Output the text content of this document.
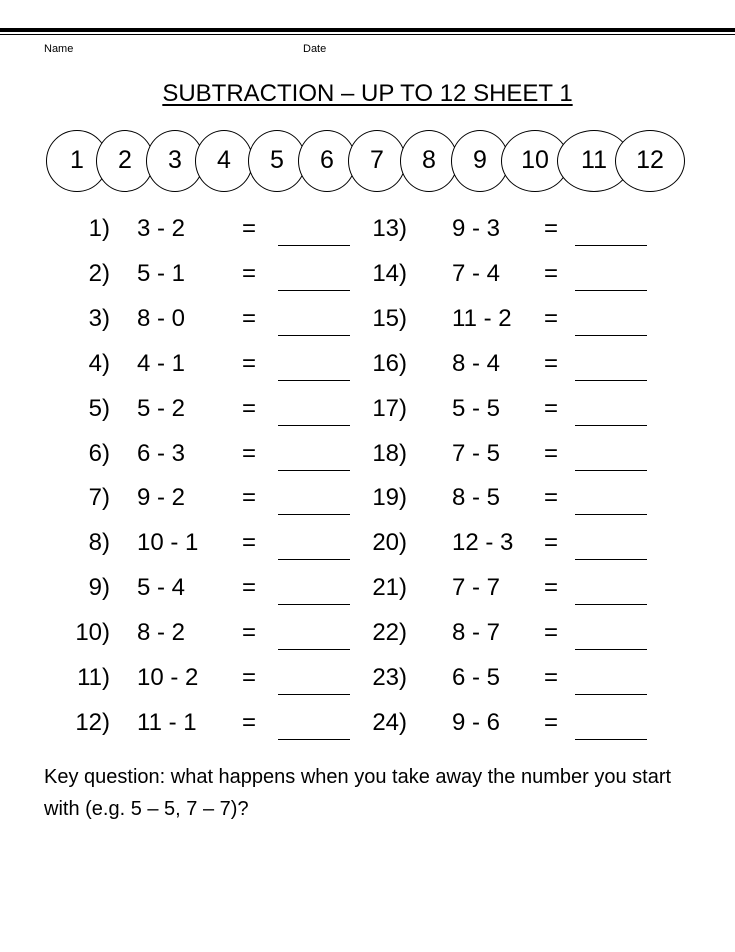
Name	Date
SUBTRACTION – UP TO 12 SHEET 1
1	2	3	4	5	6	7	8	9	10 11 12
1) 3 - 2 =
2) 5 - 1 =
3) 8 - 0 =
4) 4 - 1 =
5) 5 - 2 =
6) 6 - 3 =
7) 9 - 2 =
8) 10 - 1 =
9) 5 - 4 =
10) 8 - 2 =
11) 10 - 2 =
12) 11 - 1 =
13) 9 - 3 =
14) 7 - 4 =
15) 11 - 2 =
16) 8 - 4 =
17) 5 - 5 =
18) 7 - 5 =
19) 8 - 5 =
20) 12 - 3 =
21) 7 - 7 =
22) 8 - 7 =
23) 6 - 5 =
24) 9 - 6 =
Key question: what happens when you take away the number you start with (e.g. 5 – 5, 7 – 7)?
